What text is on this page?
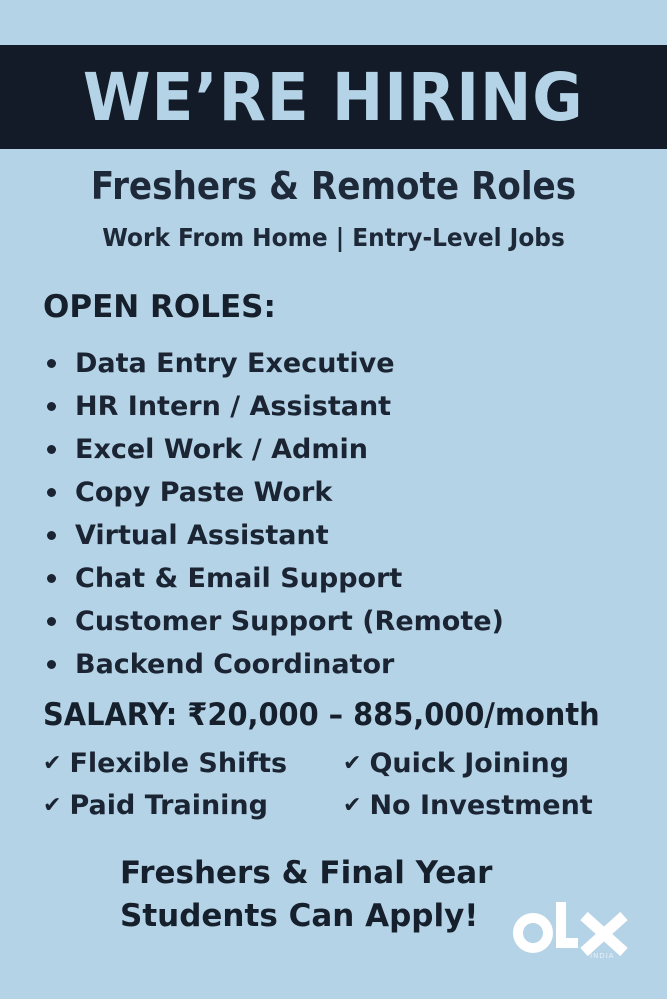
WE’RE HIRING
Freshers & Remote Roles
Work From Home | Entry-Level Jobs
OPEN ROLES:
Data Entry Executive
HR Intern / Assistant
Excel Work / Admin
Copy Paste Work
Virtual Assistant
Chat & Email Support
Customer Support (Remote)
Backend Coordinator
SALARY: ₹20,000 – 885,000/month
✔ Flexible Shifts	✔ Quick Joining
✔ Paid Training	✔ No Investment
Freshers & Final Year
Students Can Apply!
INDIA
